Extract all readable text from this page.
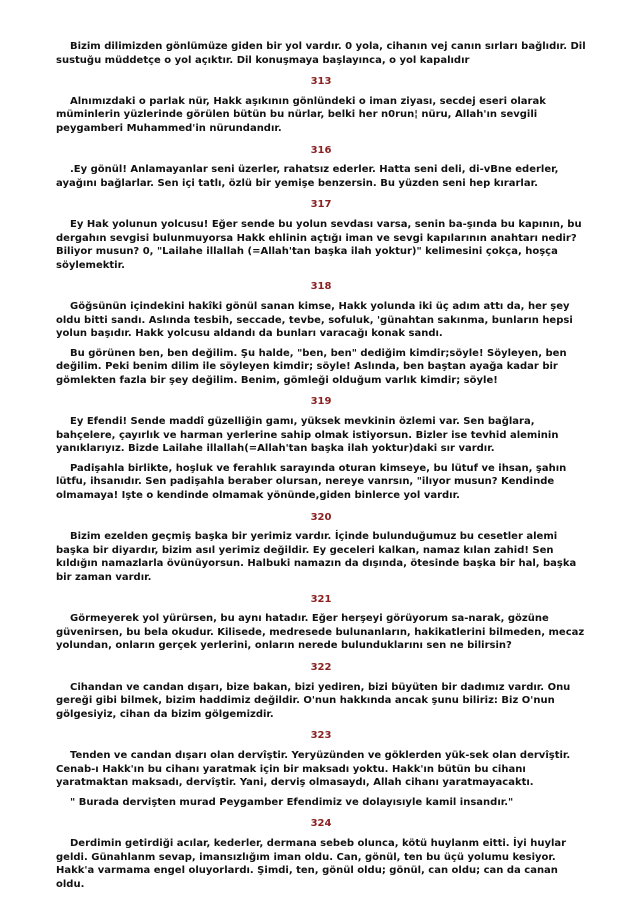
Bizim dilimizden gönlümüze giden bir yol vardır. 0 yola, cihanın vej canın sırları bağlıdır. Dil sustuğu müddetçe o yol açıktır. Dil konuşmaya başlayınca, o yol kapalıdır

313

Alnımızdaki o parlak nür, Hakk aşıkının gönlündeki o iman ziyası, secdej eseri olarak müminlerin yüzlerinde görülen bütün bu nürlar, belki her n0run¦ nüru, Allah'ın sevgili peygamberi Muhammed'in nürundandır.

316

.Ey gönül! Anlamayanlar seni üzerler, rahatsız ederler. Hatta seni deli, di-vBne ederler, ayağını bağlarlar. Sen içi tatlı, özlü bir yemişe benzersin. Bu yüzden seni hep kırarlar.

317

Ey Hak yolunun yolcusu! Eğer sende bu yolun sevdası varsa, senin ba-şında bu kapının, bu dergahın sevgisi bulunmuyorsa Hakk ehlinin açtığı iman ve sevgi kapılarının anahtarı nedir? Biliyor musun? 0, "Lailahe illallah (=Allah'tan başka ilah yoktur)" kelimesini çokça, hoşça söylemektir.

318

Göğsünün içindekini hakîki gönül sanan kimse, Hakk yolunda iki üç adım attı da, her şey oldu bitti sandı. Aslında tesbih, seccade, tevbe, sofuluk, 'günahtan sakınma, bunların hepsi yolun başıdır. Hakk yolcusu aldandı da bunları varacağı konak sandı.

Bu görünen ben, ben değilim. Şu halde, "ben, ben" dediğim kimdir;söyle! Söyleyen, ben değilim. Peki benim dilim ile söyleyen kimdir; söyle! Aslında, ben baştan ayağa kadar bir gömlekten fazla bir şey değilim. Benim, gömleği olduğum varlık kimdir; söyle!

319

Ey Efendi! Sende maddî güzelliğin gamı, yüksek mevkinin özlemi var. Sen bağlara, bahçelere, çayırlık ve harman yerlerine sahip olmak istiyorsun. Bizler ise tevhid aleminin yanıklarıyız. Bizde Lailahe illallah(=Allah'tan başka ilah yoktur)daki sır vardır.

Padişahla birlikte, hoşluk ve ferahlık sarayında oturan kimseye, bu lütuf ve ihsan, şahın lütfu, ihsanıdır. Sen padişahla beraber olursan, nereye vanrsın, "ilıyor musun? Kendinde olmamaya! Işte o kendinde olmamak yönünde,giden binlerce yol vardır.

320

Bizim ezelden geçmiş başka bir yerimiz vardır. İçinde bulunduğumuz bu cesetler alemi başka bir diyardır, bizim asıl yerimiz değildir. Ey geceleri kalkan, namaz kılan zahid! Sen kıldığın namazlarla övünüyorsun. Halbuki namazın da dışında, ötesinde başka bir hal, başka bir zaman vardır.

321

Görmeyerek yol yürürsen, bu aynı hatadır. Eğer herşeyi görüyorum sa-narak, gözüne güvenirsen, bu bela okudur. Kilisede, medresede bulunanların, hakikatlerini bilmeden, mecaz yolundan, onların gerçek yerlerini, onların nerede bulunduklarını sen ne bilirsin?

322

Cihandan ve candan dışarı, bize bakan, bizi yediren, bizi büyüten bir dadımız vardır. Onu gereği gibi bilmek, bizim haddimiz değildir. O'nun hakkında ancak şunu biliriz: Biz O'nun gölgesiyiz, cihan da bizim gölgemizdir.

323

Tenden ve candan dışarı olan dervîştir. Yeryüzünden ve göklerden yük-sek olan dervîştir. Cenab-ı Hakk'ın bu cihanı yaratmak için bir maksadı yoktu. Hakk'ın bütün bu cihanı yaratmaktan maksadı, dervîştir. Yani, derviş olmasaydı, Allah cihanı yaratmayacaktı.

" Burada dervişten murad Peygamber Efendimiz ve dolayısıyle kamil insandır."

324

Derdimin getirdiği acılar, kederler, dermana sebeb olunca, kötü huylanm eitti. İyi huylar geldi. Günahlanm sevap, imansızlığım iman oldu. Can, gönül, ten bu üçü yolumu kesiyor. Hakk'a varmama engel oluyorlardı. Şimdi, ten, gönül oldu; gönül, can oldu; can da canan oldu.
